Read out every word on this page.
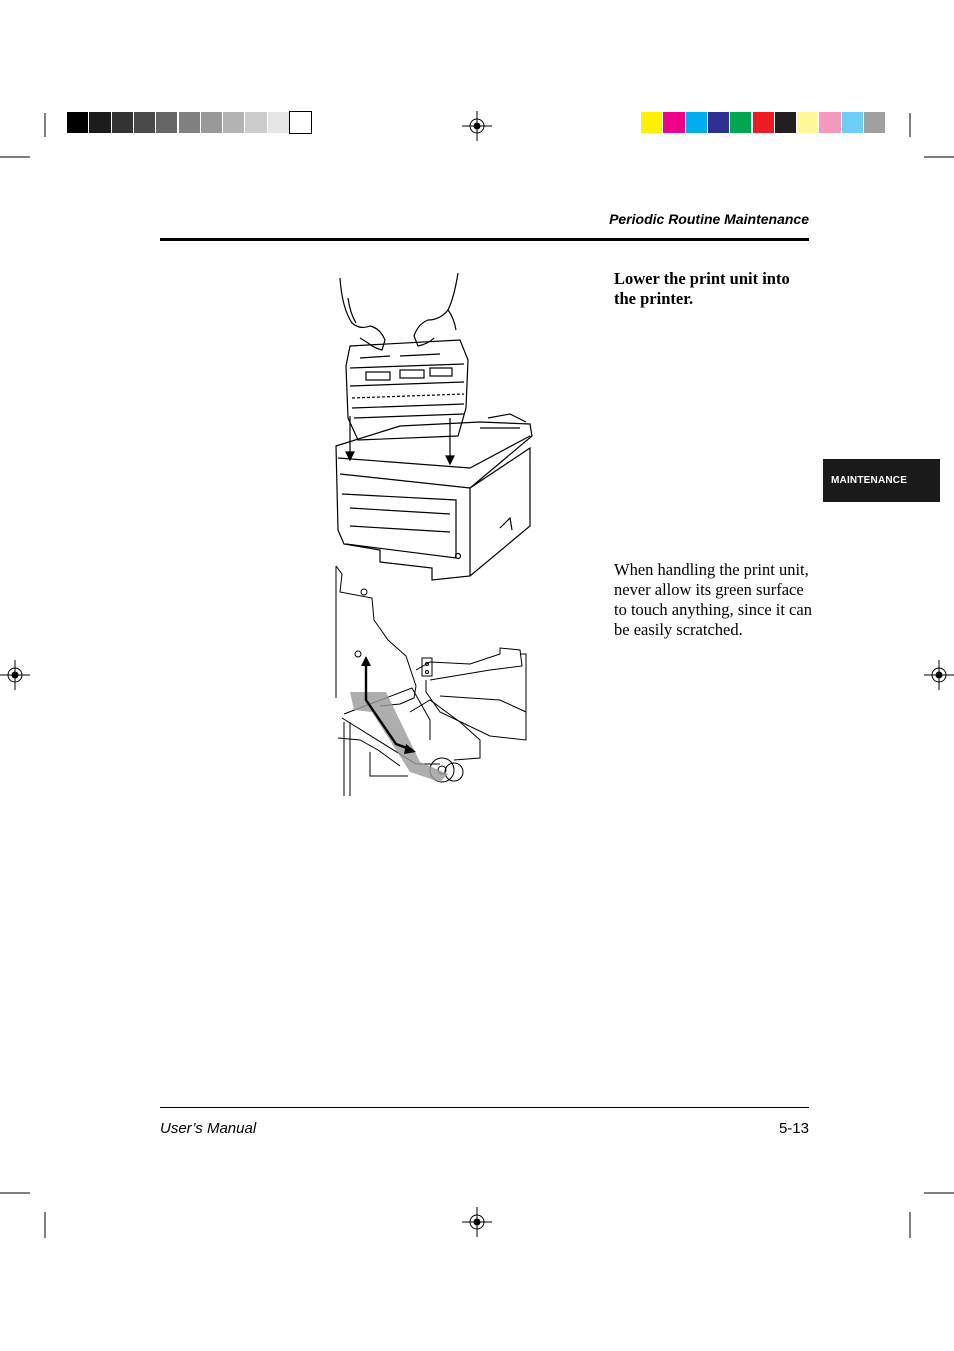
Periodic Routine Maintenance
MAINTENANCE
Lower the print unit into the printer.
When handling the print unit, never allow its green surface to touch anything, since it can be easily scratched.
User’s Manual	5-13
